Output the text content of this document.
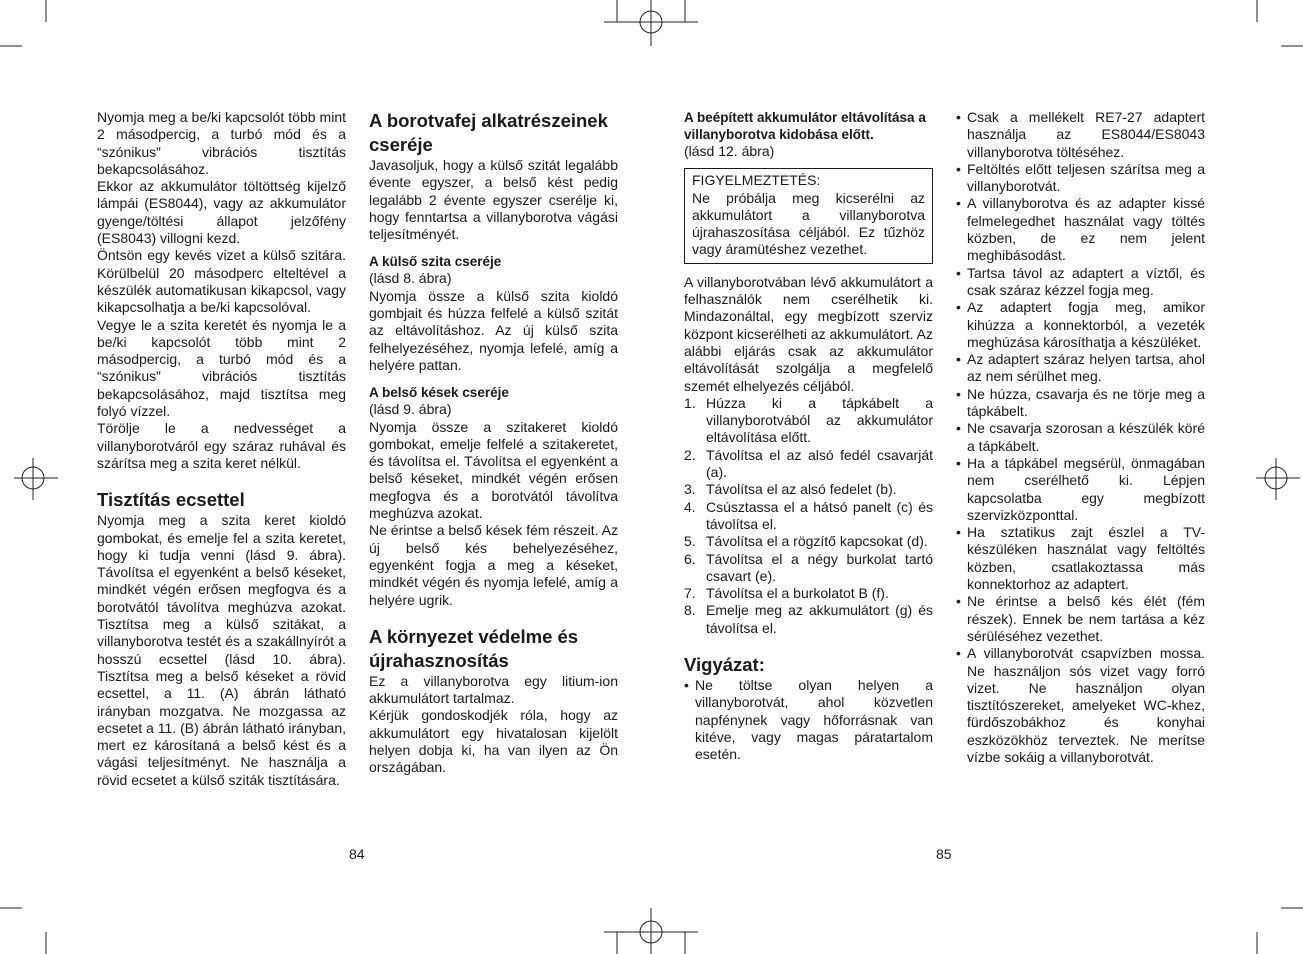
Nyomja meg a be/ki kapcsolót több mint 2 másodpercig, a turbó mód és a “szónikus” vibrációs tisztítás bekapcsolásához.

Ekkor az akkumulátor töltöttség kijelző lámpái (ES8044), vagy az akkumulátor gyenge/töltési állapot jelzőfény (ES8043) villogni kezd.

Öntsön egy kevés vizet a külső szitára. Körülbelül 20 másodperc elteltével a készülék automatikusan kikapcsol, vagy kikapcsolhatja a be/ki kapcsolóval.

Vegye le a szita keretét és nyomja le a be/ki kapcsolót több mint 2 másodpercig, a turbó mód és a “szónikus” vibrációs tisztítás bekapcsolásához, majd tisztítsa meg folyó vízzel.

Törölje le a nedvességet a villanyborotváról egy száraz ruhával és szárítsa meg a szita keret nélkül.

Tisztítás ecsettel

Nyomja meg a szita keret kioldó gombokat, és emelje fel a szita keretet, hogy ki tudja venni (lásd 9. ábra). Távolítsa el egyenként a belső késeket, mindkét végén erősen megfogva és a borotvától távolítva meghúzva azokat. Tisztítsa meg a külső szitákat, a villanyborotva testét és a szakállnyírót a hosszú ecsettel (lásd 10. ábra). Tisztítsa meg a belső késeket a rövid ecsettel, a 11. (A) ábrán látható irányban mozgatva. Ne mozgassa az ecsetet a 11. (B) ábrán látható irányban, mert ez károsítaná a belső kést és a vágási teljesítményt. Ne használja a rövid ecsetet a külső sziták tisztítására.

A borotvafej alkatrészeinek cseréje

Javasoljuk, hogy a külső szitát legalább évente egyszer, a belső kést pedig legalább 2 évente egyszer cserélje ki, hogy fenntartsa a villanyborotva vágási teljesítményét.

A külső szita cseréje

(lásd 8. ábra)

Nyomja össze a külső szita kioldó gombjait és húzza felfelé a külső szitát az eltávolításhoz. Az új külső szita felhelyezéséhez, nyomja lefelé, amíg a helyére pattan.

A belső kések cseréje

(lásd 9. ábra)

Nyomja össze a szitakeret kioldó gombokat, emelje felfelé a szitakeretet, és távolítsa el. Távolítsa el egyenként a belső késeket, mindkét végén erősen megfogva és a borotvától távolítva meghúzva azokat.

Ne érintse a belső kések fém részeit. Az új belső kés behelyezéséhez, egyenként fogja a meg a késeket, mindkét végén és nyomja lefelé, amíg a helyére ugrik.

A környezet védelme és újrahasznosítás

Ez a villanyborotva egy litium-ion akkumulátort tartalmaz.

Kérjük gondoskodjék róla, hogy az akkumulátort egy hivatalosan kijelölt helyen dobja ki, ha van ilyen az Ön országában.

84
A beépített akkumulátor eltávolítása a villanyborotva kidobása előtt.

(lásd 12. ábra)

FIGYELMEZTETÉS:

Ne próbálja meg kicserélni az akkumulátort a villanyborotva újrahaszosítása céljából. Ez tűzhöz vagy áramütéshez vezethet.

A villanyborotvában lévő akkumulátort a felhasználók nem cserélhetik ki. Mindazonáltal, egy megbízott szerviz központ kicserélheti az akkumulátort. Az alábbi eljárás csak az akkumulátor eltávolítását szolgálja a megfelelő szemét elhelyezés céljából.

1. Húzza ki a tápkábelt a villanyborotvából az akkumulátor eltávolítása előtt.
2. Távolítsa el az alsó fedél csavarját (a).
3. Távolítsa el az alsó fedelet (b).
4. Csúsztassa el a hátsó panelt (c) és távolítsa el.
5. Távolítsa el a rögzítő kapcsokat (d).
6. Távolítsa el a négy burkolat tartó csavart (e).
7. Távolítsa el a burkolatot B (f).
8. Emelje meg az akkumulátort (g) és távolítsa el.
Vigyázat:
• Ne töltse olyan helyen a villanyborotvát, ahol közvetlen napfénynek vagy hőforrásnak van kitéve, vagy magas páratartalom esetén.
• Csak a mellékelt RE7-27 adaptert használja az ES8044/ES8043 villanyborotva töltéséhez.
• Feltöltés előtt teljesen szárítsa meg a villanyborotvát.
• A villanyborotva és az adapter kissé felmelegedhet használat vagy töltés közben, de ez nem jelent meghibásodást.
• Tartsa távol az adaptert a víztől, és csak száraz kézzel fogja meg.
• Az adaptert fogja meg, amikor kihúzza a konnektorból, a vezeték meghúzása károsíthatja a készüléket.
• Az adaptert száraz helyen tartsa, ahol az nem sérülhet meg.
• Ne húzza, csavarja és ne törje meg a tápkábelt.
• Ne csavarja szorosan a készülék köré a tápkábelt.
• Ha a tápkábel megsérül, önmagában nem cserélhető ki. Lépjen kapcsolatba egy megbízott szervizközponttal.
• Ha sztatikus zajt észlel a TV-készüléken használat vagy feltöltés közben, csatlakoztassa más konnektorhoz az adaptert.
• Ne érintse a belső kés élét (fém részek). Ennek be nem tartása a kéz sérüléséhez vezethet.
• A villanyborotvát csapvízben mossa. Ne használjon sós vizet vagy forró vizet. Ne használjon olyan tisztítószereket, amelyeket WC-khez, fürdőszobákhoz és konyhai eszközökhöz terveztek. Ne merítse vízbe sokáig a villanyborotvát.
85
